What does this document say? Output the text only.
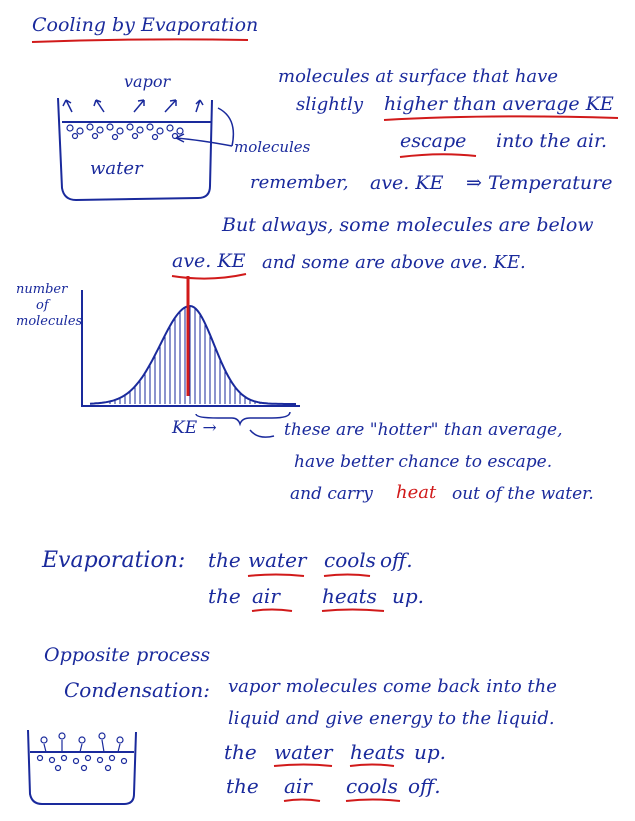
Cooling by Evaporation
vapor
water
molecules
molecules at surface that have
slightly higher than average KE
escape into the air.
remember, ave. KE ⇒ Temperature
But always, some molecules are below
ave. KE and some are above ave. KE.
number
of
molecules
KE →	these are "hotter" than average,
have better chance to escape.
and carry heat out of the water.
Evaporation: the water cools off.
the air heats up.
Opposite process
Condensation: vapor molecules come back into the
liquid and give energy to the liquid.
the water heats up.
the air cools off.
